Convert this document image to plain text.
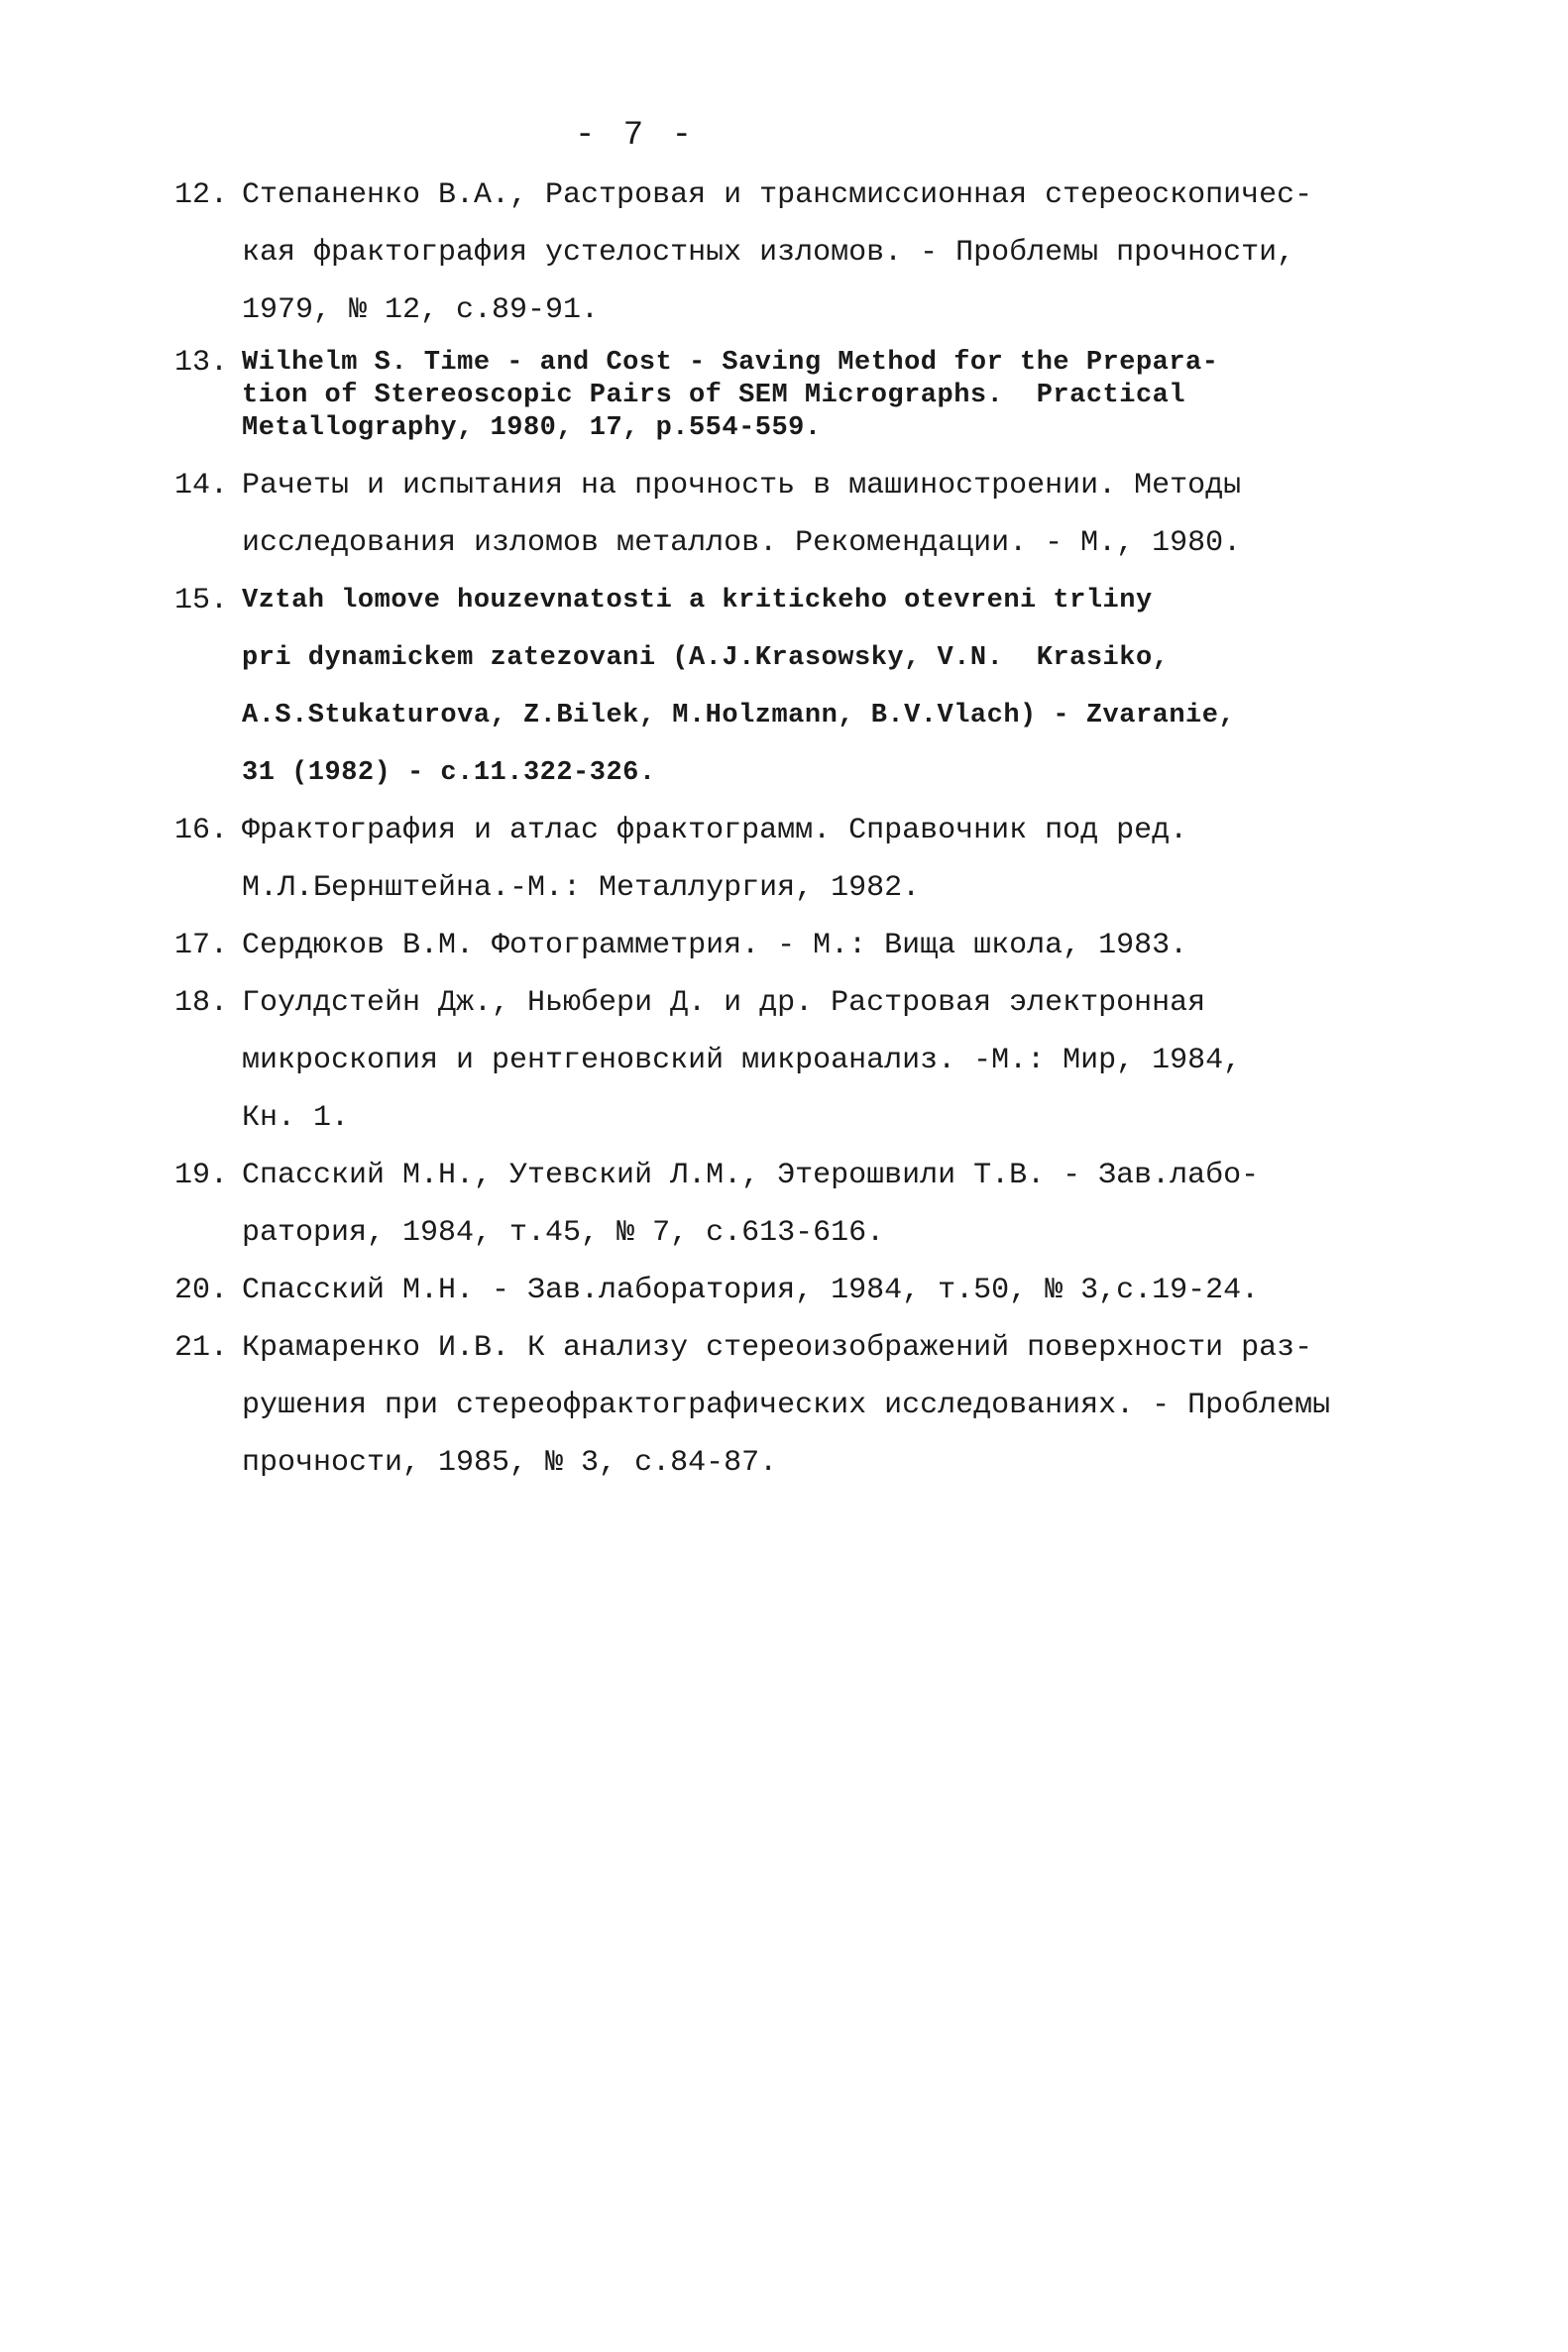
- 7 -
12. Степаненко В.А., Растровая и трансмиссионная стереоскопичес-
кая фрактография устелостных изломов. - Проблемы прочности,
1979, № 12, с.89-91.
13. Wilhelm S. Time - and Cost - Saving Method for the Prepara-
tion of Stereoscopic Pairs of SEM Micrographs.  Practical
Metallography, 1980, 17, p.554-559.
14. Рачеты и испытания на прочность в машиностроении. Методы
исследования изломов металлов. Рекомендации. - М., 1980.
15. Vztah lomove houzevnatosti a kritickeho otevreni trliny
pri dynamickem zatezovani (A.J.Krasowsky, V.N.  Krasiko,
A.S.Stukaturova, Z.Bilek, M.Holzmann, B.V.Vlach) - Zvaranie,
31 (1982) - c.11.322-326.
16. Фрактография и атлас фрактограмм. Справочник под ред.
М.Л.Бернштейна.-М.: Металлургия, 1982.
17. Сердюков В.М. Фотограмметрия. - М.: Вища школа, 1983.
18. Гоулдстейн Дж., Ньюбери Д. и др. Растровая электронная
микроскопия и рентгеновский микроанализ. -М.: Мир, 1984,
Кн. 1.
19. Спасский М.Н., Утевский Л.М., Этерошвили Т.В. - Зав.лабо-
ратория, 1984, т.45, № 7, с.613-616.
20. Спасский М.Н. - Зав.лаборатория, 1984, т.50, № 3,с.19-24.
21. Крамаренко И.В. К анализу стереоизображений поверхности раз-
рушения при стереофрактографических исследованиях. - Проблемы
прочности, 1985, № 3, с.84-87.
